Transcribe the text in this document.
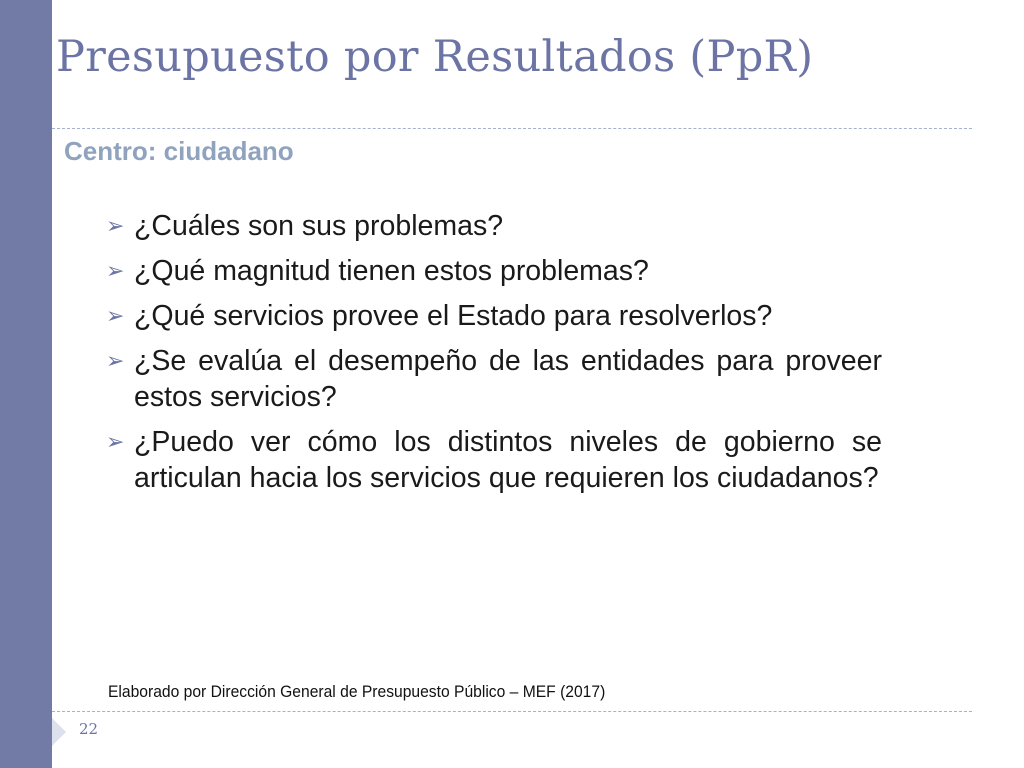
Presupuesto por Resultados (PpR)
Centro: ciudadano
➢ ¿Cuáles son sus problemas?
➢ ¿Qué magnitud tienen estos problemas?
➢ ¿Qué servicios provee el Estado para resolverlos?
➢ ¿Se evalúa el desempeño de las entidades para proveer estos servicios?
➢ ¿Puedo ver cómo los distintos niveles de gobierno se articulan hacia los servicios que requieren los ciudadanos?
Elaborado por Dirección General de Presupuesto Público – MEF (2017)
22
